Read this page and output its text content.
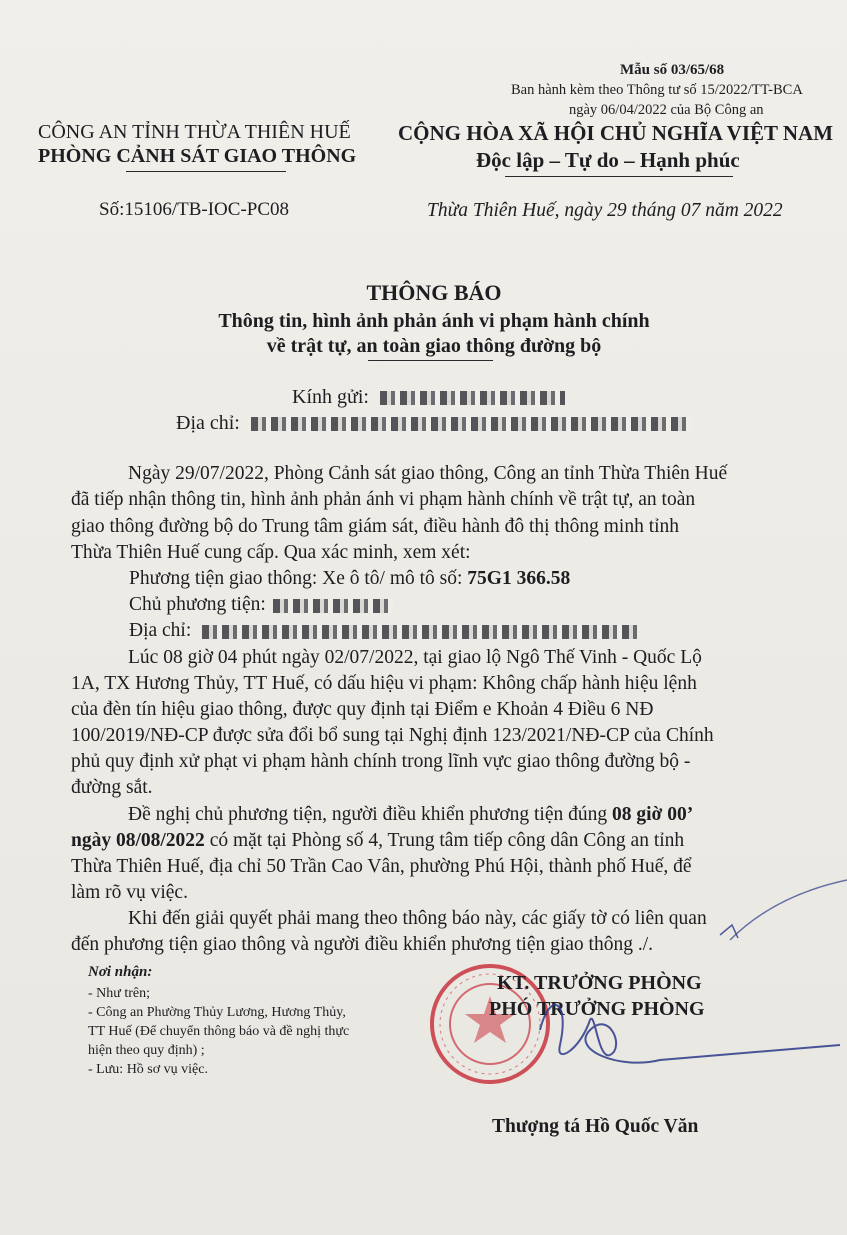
Mẫu số 03/65/68
Ban hành kèm theo Thông tư số 15/2022/TT-BCA
ngày 06/04/2022 của Bộ Công an
CÔNG AN TỈNH THỪA THIÊN HUẾ
PHÒNG CẢNH SÁT GIAO THÔNG
Số:15106/TB-IOC-PC08
CỘNG HÒA XÃ HỘI CHỦ NGHĨA VIỆT NAM
Độc lập – Tự do – Hạnh phúc
Thừa Thiên Huế, ngày 29 tháng 07 năm 2022
THÔNG BÁO
Thông tin, hình ảnh phản ánh vi phạm hành chính
về trật tự, an toàn giao thông đường bộ
Kính gửi:
Địa chỉ:
Ngày 29/07/2022, Phòng Cảnh sát giao thông, Công an tỉnh Thừa Thiên Huế
đã tiếp nhận thông tin, hình ảnh phản ánh vi phạm hành chính về trật tự, an toàn
giao thông đường bộ do Trung tâm giám sát, điều hành đô thị thông minh tỉnh
Thừa Thiên Huế cung cấp. Qua xác minh, xem xét:
Phương tiện giao thông: Xe ô tô/ mô tô số: 75G1 366.58
Chủ phương tiện:
Địa chỉ:
Lúc 08 giờ 04 phút ngày 02/07/2022, tại giao lộ Ngô Thế Vinh - Quốc Lộ
1A, TX Hương Thủy, TT Huế, có dấu hiệu vi phạm: Không chấp hành hiệu lệnh
của đèn tín hiệu giao thông, được quy định tại Điểm e Khoản 4 Điều 6 NĐ
100/2019/NĐ-CP được sửa đổi bổ sung tại Nghị định 123/2021/NĐ-CP của Chính
phủ quy định xử phạt vi phạm hành chính trong lĩnh vực giao thông đường bộ -
đường sắt.
Đề nghị chủ phương tiện, người điều khiển phương tiện đúng 08 giờ 00’
ngày 08/08/2022 có mặt tại Phòng số 4, Trung tâm tiếp công dân Công an tỉnh
Thừa Thiên Huế, địa chỉ 50 Trần Cao Vân, phường Phú Hội, thành phố Huế, để
làm rõ vụ việc.
Khi đến giải quyết phải mang theo thông báo này, các giấy tờ có liên quan
đến phương tiện giao thông và người điều khiển phương tiện giao thông ./.
Nơi nhận:
- Như trên;
- Công an Phường Thủy Lương, Hương Thủy,
TT Huế (Để chuyển thông báo và đề nghị thực
hiện theo quy định) ;
- Lưu: Hồ sơ vụ việc.
KT. TRƯỞNG PHÒNG
PHÓ TRƯỞNG PHÒNG
Thượng tá Hồ Quốc Văn
